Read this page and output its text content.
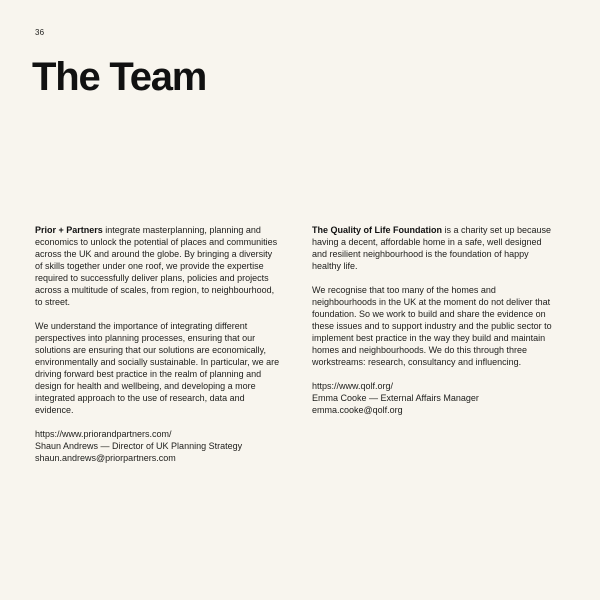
36
The Team

Prior + Partners integrate masterplanning, planning and economics to unlock the potential of places and communities across the UK and around the globe. By bringing a diversity of skills together under one roof, we provide the expertise required to successfully deliver plans, policies and projects across a multitude of scales, from region, to neighbourhood, to street.

We understand the importance of integrating different perspectives into planning processes, ensuring that our solutions are ensuring that our solutions are economically, environmentally and socially sustainable. In particular, we are driving forward best practice in the realm of planning and design for health and wellbeing, and developing a more integrated approach to the use of research, data and evidence.

https://www.priorandpartners.com/
Shaun Andrews — Director of UK Planning Strategy
shaun.andrews@priorpartners.com

The Quality of Life Foundation is a charity set up because having a decent, affordable home in a safe, well designed and resilient neighbourhood is the foundation of happy healthy life.

We recognise that too many of the homes and neighbourhoods in the UK at the moment do not deliver that foundation. So we work to build and share the evidence on these issues and to support industry and the public sector to implement best practice in the way they build and maintain homes and neighbourhoods. We do this through three workstreams: research, consultancy and influencing.

https://www.qolf.org/
Emma Cooke — External Affairs Manager
emma.cooke@qolf.org
